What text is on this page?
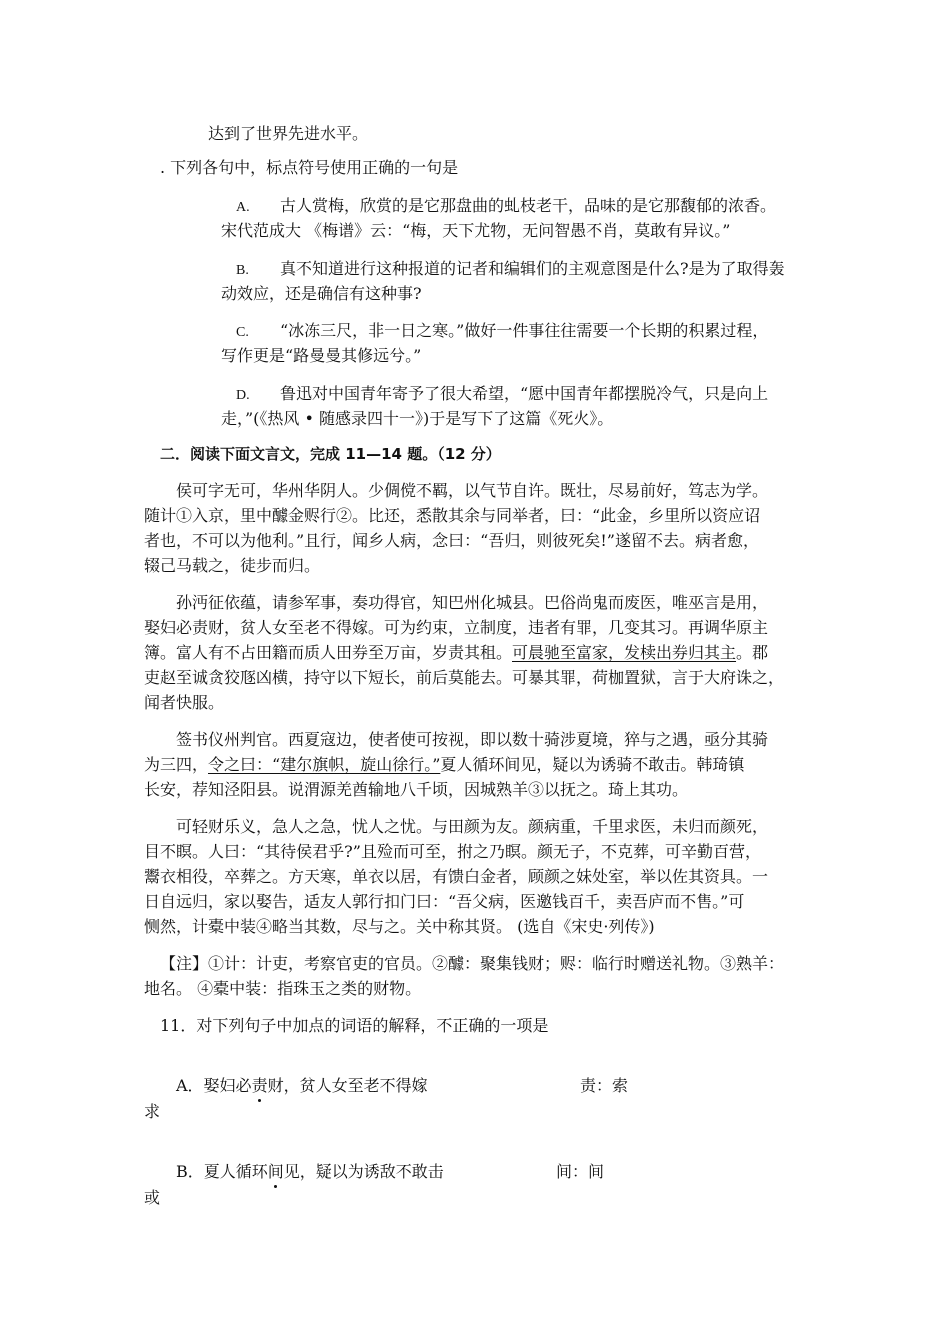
达到了世界先进水平。
. 下列各句中，标点符号使用正确的一句是
A. 古人赏梅，欣赏的是它那盘曲的虬枝老干，品味的是它那馥郁的浓香。
宋代范成大 《梅谱》云：“梅，天下尤物，无问智愚不肖，莫敢有异议。”
B. 真不知道进行这种报道的记者和编辑们的主观意图是什么?是为了取得轰
动效应，还是确信有这种事?
C. “冰冻三尺，非一日之寒。”做好一件事往往需要一个长期的积累过程，
写作更是“路曼曼其修远兮。”
D. 鲁迅对中国青年寄予了很大希望，“愿中国青年都摆脱冷气，只是向上
走，”(《热风 • 随感录四十一》)于是写下了这篇《死火》。
二．阅读下面文言文，完成 11—14 题。（12 分）
侯可字无可，华州华阴人。少倜傥不羁，以气节自许。既壮，尽易前好，笃志为学。
随计①入京，里中醵金赆行②。比还，悉散其余与同举者，曰：“此金，乡里所以资应诏
者也，不可以为他利。”且行，闻乡人病，念曰：“吾归，则彼死矣!”遂留不去。病者愈，
辍己马载之，徒步而归。
孙沔征依蕴，请参军事，奏功得官，知巴州化城县。巴俗尚鬼而废医，唯巫言是用，
娶妇必责财，贫人女至老不得嫁。可为约束，立制度，违者有罪，几变其习。再调华原主
簿。富人有不占田籍而质人田券至万亩，岁责其租。可晨驰至富家，发椟出券归其主。郡
吏赵至诚贪狡豗凶横，持守以下短长，前后莫能去。可暴其罪，荷枷置狱，言于大府诛之，
闻者快服。
签书仪州判官。西夏寇边，使者使可按视，即以数十骑涉夏境，猝与之遇，亟分其骑
为三四，令之曰：“建尔旗帜，旋山徐行。”夏人循环间见，疑以为诱骑不敢击。韩琦镇
长安，荐知泾阳县。说渭源羌酋输地八千顷，因城熟羊③以抚之。琦上其功。
可轻财乐义，急人之急，忧人之忧。与田颜为友。颜病重，千里求医，未归而颜死，
目不瞑。人曰：“其待侯君乎?”且殓而可至，拊之乃瞑。颜无子，不克葬，可辛勤百营，
鬻衣相役，卒葬之。方天寒，单衣以居，有馈白金者，顾颜之妹处室，举以佐其资具。一
日自远归，家以娶告，适友人郭行扣门曰：“吾父病，医邀钱百千，卖吾庐而不售。”可
恻然，计橐中装④略当其数，尽与之。关中称其贤。 (选自《宋史·列传》)
【注】①计：计吏，考察官吏的官员。②醵：聚集钱财；赆：临行时赠送礼物。③熟羊：
地名。 ④橐中装：指珠玉之类的财物。
11．对下列句子中加点的词语的解释，不正确的一项是
A．娶妇必责财，贫人女至老不得嫁	责：索
求
B．夏人循环间见，疑以为诱敌不敢击	间：间
或
